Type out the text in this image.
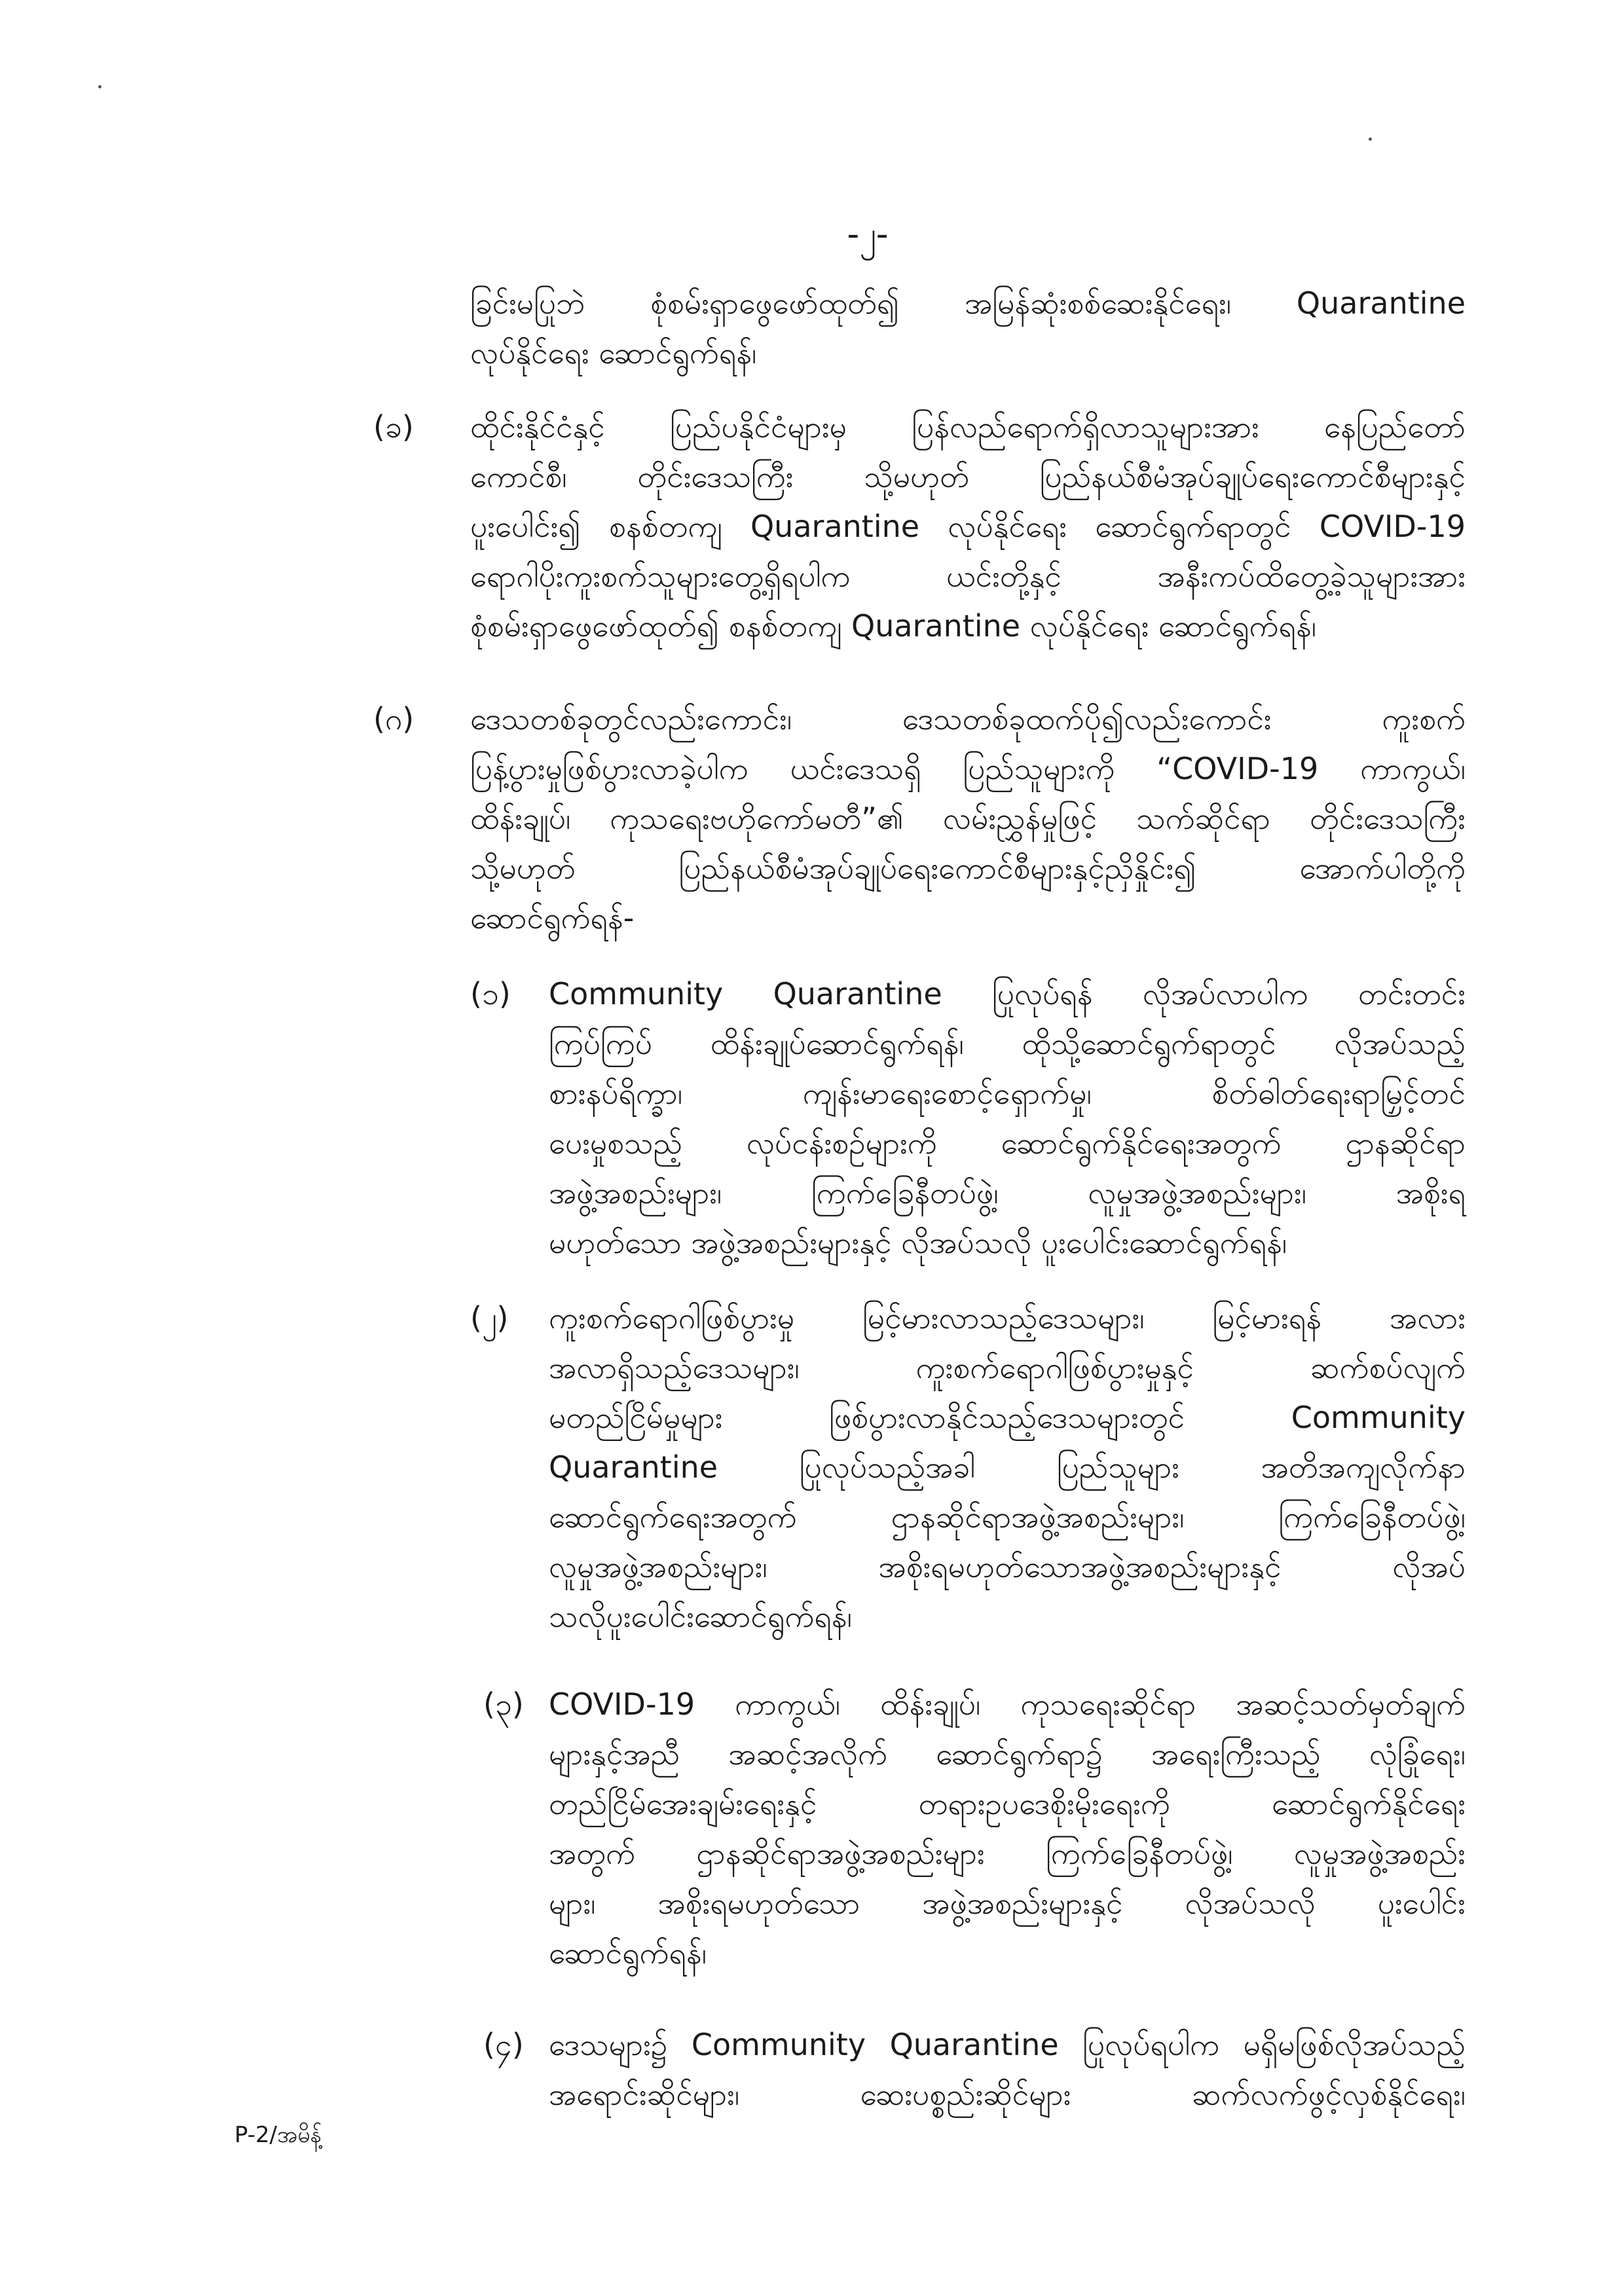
-၂-
ခြင်းမပြုဘဲ စုံစမ်းရှာဖွေဖော်ထုတ်၍ အမြန်ဆုံးစစ်ဆေးနိုင်ရေး၊ Quarantine
လုပ်နိုင်ရေး ဆောင်ရွက်ရန်၊
(ခ) ထိုင်းနိုင်ငံနှင့် ပြည်ပနိုင်ငံများမှ ပြန်လည်ရောက်ရှိလာသူများအား နေပြည်တော်
ကောင်စီ၊ တိုင်းဒေသကြီး သို့မဟုတ် ပြည်နယ်စီမံအုပ်ချုပ်ရေးကောင်စီများနှင့်
ပူးပေါင်း၍ စနစ်တကျ Quarantine လုပ်နိုင်ရေး ဆောင်ရွက်ရာတွင် COVID-19
ရောဂါပိုးကူးစက်သူများတွေ့ရှိရပါက ယင်းတို့နှင့် အနီးကပ်ထိတွေ့ခဲ့သူများအား
စုံစမ်းရှာဖွေဖော်ထုတ်၍ စနစ်တကျ Quarantine လုပ်နိုင်ရေး ဆောင်ရွက်ရန်၊
(ဂ) ဒေသတစ်ခုတွင်လည်းကောင်း၊ ဒေသတစ်ခုထက်ပို၍လည်းကောင်း ကူးစက်
ပြန့်ပွားမှုဖြစ်ပွားလာခဲ့ပါက ယင်းဒေသရှိ ပြည်သူများကို “COVID-19 ကာကွယ်၊
ထိန်းချုပ်၊ ကုသရေးဗဟိုကော်မတီ”၏ လမ်းညွှန်မှုဖြင့် သက်ဆိုင်ရာ တိုင်းဒေသကြီး
သို့မဟုတ် ပြည်နယ်စီမံအုပ်ချုပ်ရေးကောင်စီများနှင့်ညှိနှိုင်း၍ အောက်ပါတို့ကို
ဆောင်ရွက်ရန်-
(၁) Community Quarantine ပြုလုပ်ရန် လိုအပ်လာပါက တင်းတင်း
ကြပ်ကြပ် ထိန်းချုပ်ဆောင်ရွက်ရန်၊ ထိုသို့ဆောင်ရွက်ရာတွင် လိုအပ်သည့်
စားနပ်ရိက္ခာ၊ ကျန်းမာရေးစောင့်ရှောက်မှု၊ စိတ်ဓါတ်ရေးရာမြှင့်တင်
ပေးမှုစသည့် လုပ်ငန်းစဉ်များကို ဆောင်ရွက်နိုင်ရေးအတွက် ဌာနဆိုင်ရာ
အဖွဲ့အစည်းများ၊ ကြက်ခြေနီတပ်ဖွဲ့၊ လူမှုအဖွဲ့အစည်းများ၊ အစိုးရ
မဟုတ်သော အဖွဲ့အစည်းများနှင့် လိုအပ်သလို ပူးပေါင်းဆောင်ရွက်ရန်၊
(၂) ကူးစက်ရောဂါဖြစ်ပွားမှု မြင့်မားလာသည့်ဒေသများ၊ မြင့်မားရန် အလား
အလာရှိသည့်ဒေသများ၊ ကူးစက်ရောဂါဖြစ်ပွားမှုနှင့် ဆက်စပ်လျက်
မတည်ငြိမ်မှုများ ဖြစ်ပွားလာနိုင်သည့်ဒေသများတွင် Community
Quarantine ပြုလုပ်သည့်အခါ ပြည်သူများ အတိအကျလိုက်နာ
ဆောင်ရွက်ရေးအတွက် ဌာနဆိုင်ရာအဖွဲ့အစည်းများ၊ ကြက်ခြေနီတပ်ဖွဲ့၊
လူမှုအဖွဲ့အစည်းများ၊ အစိုးရမဟုတ်သောအဖွဲ့အစည်းများနှင့် လိုအပ်
သလိုပူးပေါင်းဆောင်ရွက်ရန်၊
(၃) COVID-19 ကာကွယ်၊ ထိန်းချုပ်၊ ကုသရေးဆိုင်ရာ အဆင့်သတ်မှတ်ချက်
များနှင့်အညီ အဆင့်အလိုက် ဆောင်ရွက်ရာ၌ အရေးကြီးသည့် လုံခြုံရေး၊
တည်ငြိမ်အေးချမ်းရေးနှင့် တရားဥပဒေစိုးမိုးရေးကို ဆောင်ရွက်နိုင်ရေး
အတွက် ဌာနဆိုင်ရာအဖွဲ့အစည်းများ ကြက်ခြေနီတပ်ဖွဲ့၊ လူမှုအဖွဲ့အစည်း
များ၊ အစိုးရမဟုတ်သော အဖွဲ့အစည်းများနှင့် လိုအပ်သလို ပူးပေါင်း
ဆောင်ရွက်ရန်၊
(၄) ဒေသများ၌ Community Quarantine ပြုလုပ်ရပါက မရှိမဖြစ်လိုအပ်သည့်
အရောင်းဆိုင်များ၊ ဆေးပစ္စည်းဆိုင်များ ဆက်လက်ဖွင့်လှစ်နိုင်ရေး၊
P-2/အမိန့်
